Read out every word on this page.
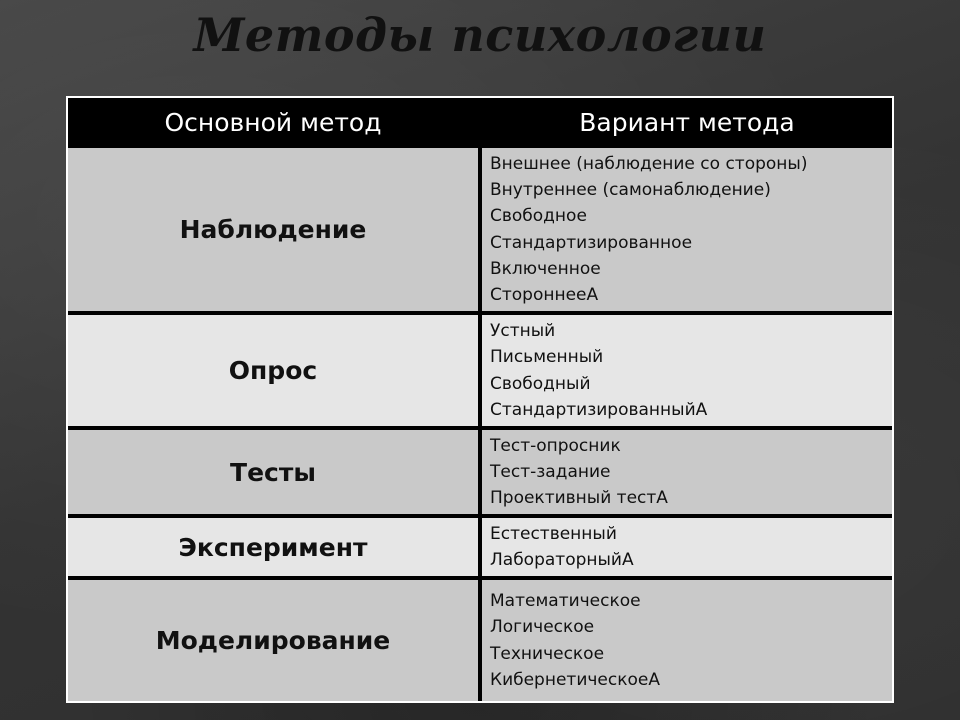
Методы психологии
Основной метод	Вариант метода
Наблюдение
Внешнее (наблюдение со стороны)
Внутреннее (самонаблюдение)
Свободное
Стандартизированное
Включенное
СтороннееА
Опрос
Устный
Письменный
Свободный
СтандартизированныйА
Тесты
Тест-опросник
Тест-задание
Проективный тестА
Эксперимент	Естественный
ЛабораторныйА
Моделирование
Математическое
Логическое
Техническое
КибернетическоеА
